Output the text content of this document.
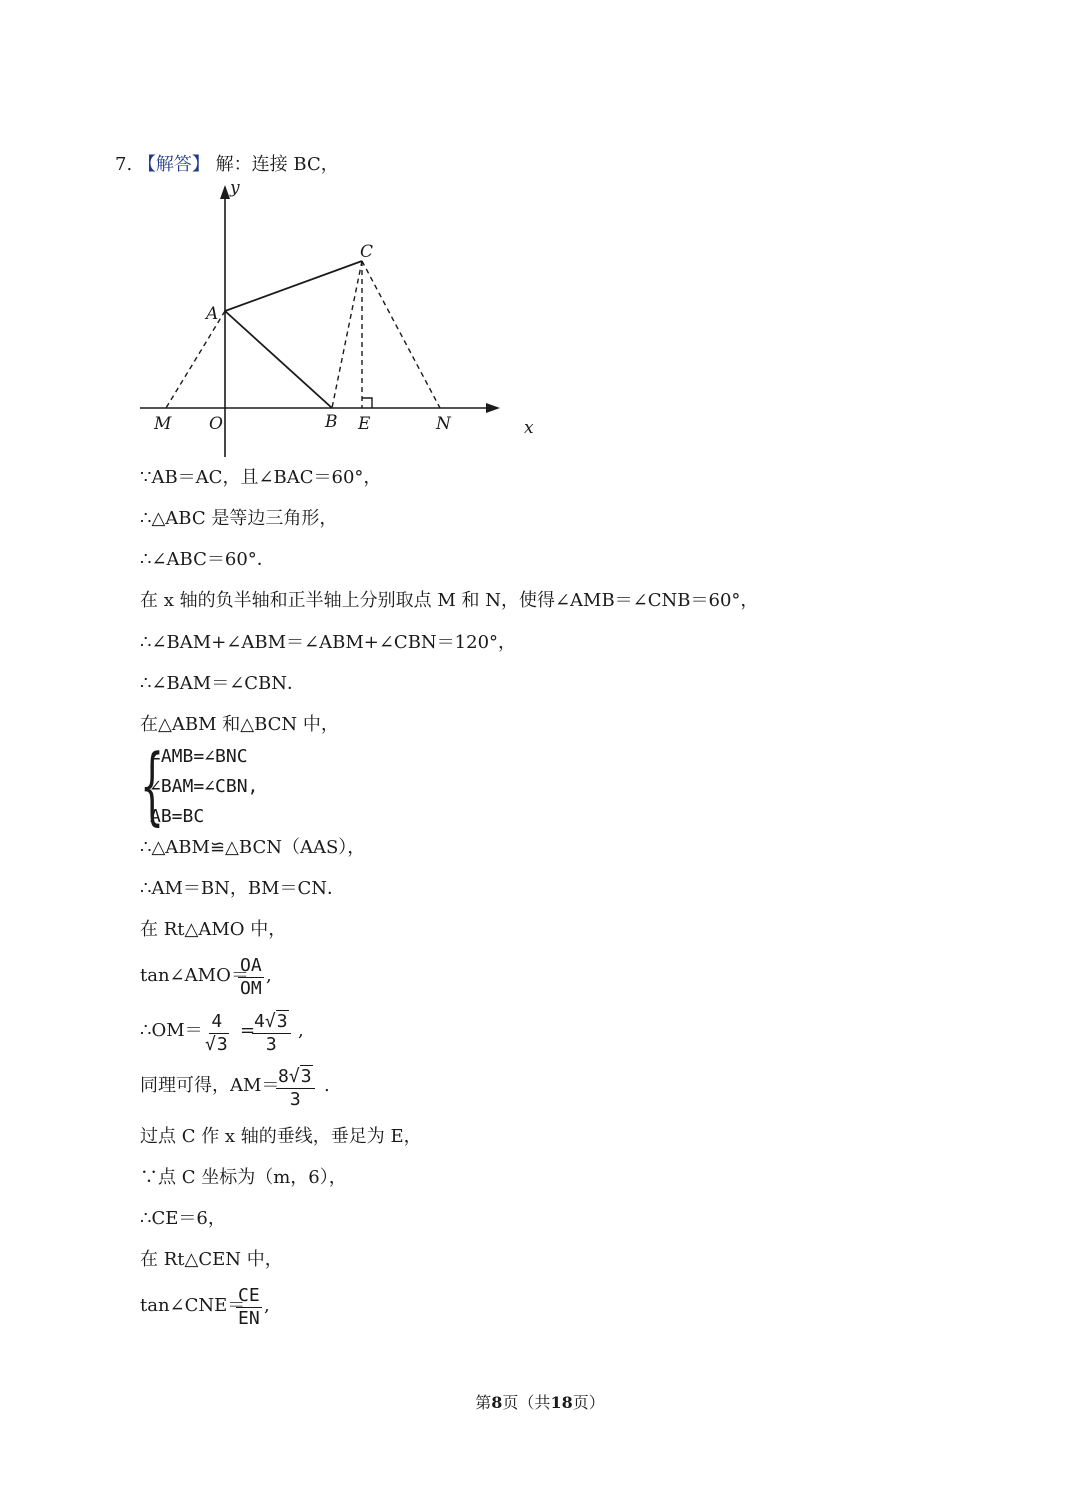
7. 【解答】 解：连接 BC，
y
C
A
M O	B E	N	x
∵AB＝AC，且∠BAC＝60°，
∴△ABC 是等边三角形，
∴∠ABC＝60°．
在 x 轴的负半轴和正半轴上分别取点 M 和 N，使得∠AMB＝∠CNB＝60°，
∴∠BAM+∠ABM＝∠ABM+∠CBN＝120°，
∴∠BAM＝∠CBN．
在△ABM 和△BCN 中，
{
∠AMB=∠BNC
∠BAM=∠CBN,
AB=BC
∴△ABM≌△BCN（AAS），
∴AM＝BN，BM＝CN．
在 Rt△AMO 中，
tan∠AMO＝
$\frac{OA}{OM}$ ,
∴OM＝ $\frac{4}{√3}$ =
$\frac{4√3}{3}$ ,
同理可得，AM＝
$\frac{8√3}{3}$ .
过点 C 作 x 轴的垂线，垂足为 E，
∵点 C 坐标为（m，6），
∴CE＝6，
在 Rt△CEN 中，
tan∠CNE＝
$\frac{CE}{EN}$ ,
第8页（共18页）
